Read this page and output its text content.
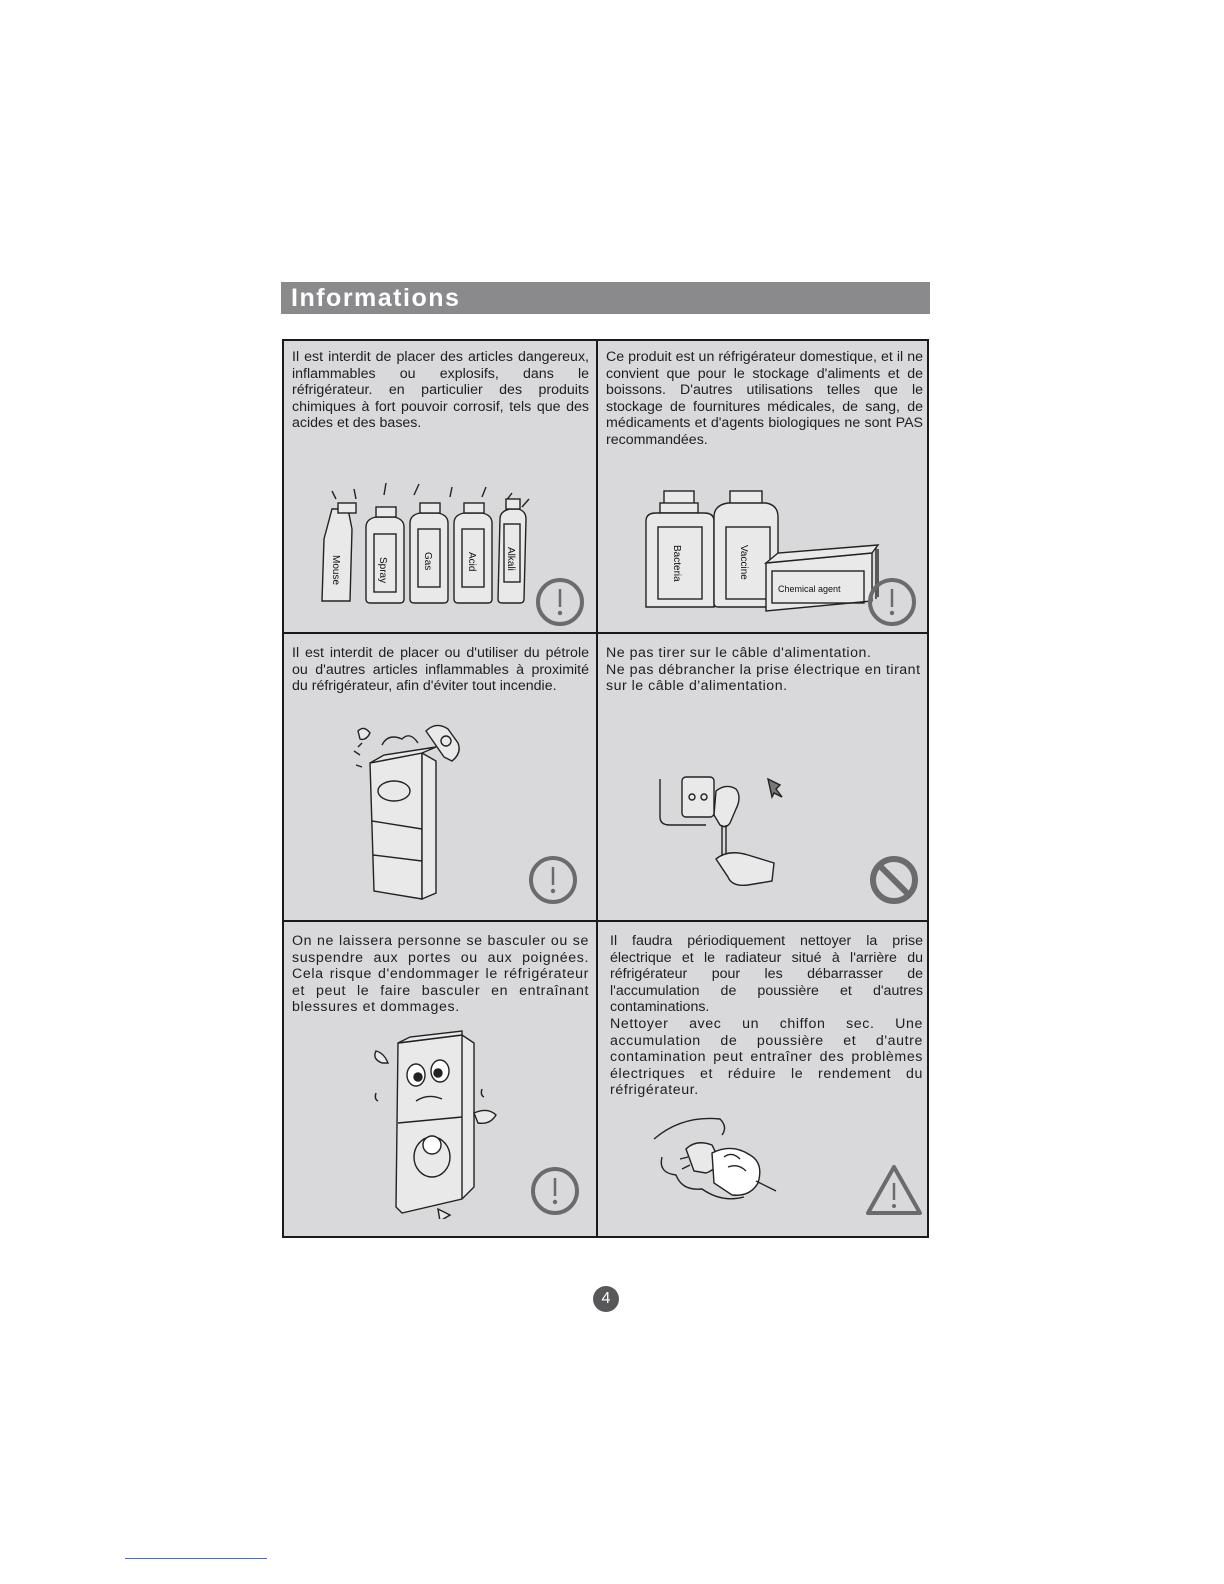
Informations

Il est interdit de placer des articles dangereux, inflammables ou explosifs, dans le réfrigérateur. en particulier des produits chimiques à fort pouvoir corrosif, tels que des acides et des bases.

Mouse	Spray	Gas	Acid	Alkali

Ce produit est un réfrigérateur domestique, et il ne convient que pour le stockage d'aliments et de boissons. D'autres utilisations telles que le stockage de fournitures médicales, de sang, de médicaments et d'agents biologiques ne sont PAS recommandées.

Bacteria	Vaccine
Chemical agent

Il est interdit de placer ou d'utiliser du pétrole ou d'autres articles inflammables à proximité du réfrigérateur, afin d'éviter tout incendie.

Ne pas tirer sur le câble d'alimentation.

Ne pas débrancher la prise électrique en tirant sur le câble d'alimentation.

On ne laissera personne se basculer ou se suspendre aux portes ou aux poignées. Cela risque d'endommager le réfrigérateur et peut le faire basculer en entraînant blessures et dommages.

Il faudra périodiquement nettoyer la prise électrique et le radiateur situé à l'arrière du réfrigérateur pour les débarrasser de l'accumulation de poussière et d'autres contaminations.

Nettoyer avec un chiffon sec. Une accumulation de poussière et d'autre contamination peut entraîner des problèmes électriques et réduire le rendement du réfrigérateur.

4
